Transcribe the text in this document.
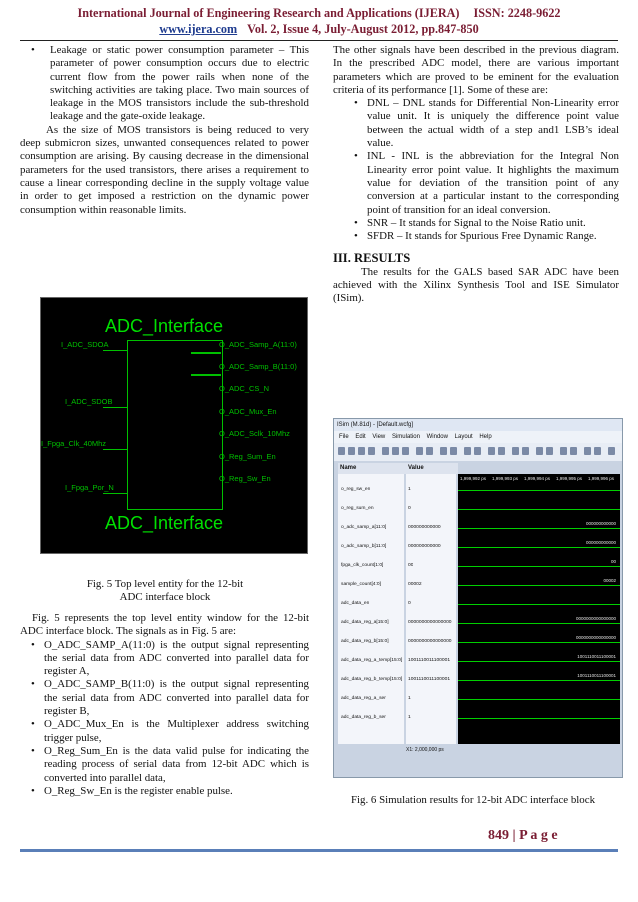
International Journal of Engineering Research and Applications (IJERA) ISSN: 2248-9622
www.ijera.com Vol. 2, Issue 4, July-August 2012, pp.847-850
• Leakage or static power consumption parameter – This parameter of power consumption occurs due to electric current flow from the power rails when none of the switching activities are taking place. Two main sources of leakage in the MOS transistors include the sub-threshold leakage and the gate-oxide leakage.

As the size of MOS transistors is being reduced to very deep submicron sizes, unwanted consequences related to power consumption are arising. By causing decrease in the dimensional parameters for the used transistors, there arises a requirement to cause a linear corresponding decline in the supply voltage value in order to get imposed a restriction on the dynamic power consumption within reasonable limits.

ADC_Interface
I_ADC_SDOA
I_ADC_SDOB
I_Fpga_Clk_40Mhz
I_Fpga_Por_N
O_ADC_Samp_A(11:0)
O_ADC_Samp_B(11:0)
O_ADC_CS_N
O_ADC_Mux_En
O_ADC_Sclk_10Mhz
O_Reg_Sum_En
O_Reg_Sw_En
ADC_Interface
Fig. 5 Top level entity for the 12-bit ADC interface block

Fig. 5 represents the top level entity window for the 12-bit ADC interface block. The signals as in Fig. 5 are:

• O_ADC_SAMP_A(11:0) is the output signal representing the serial data from ADC converted into parallel data for register A,
• O_ADC_SAMP_B(11:0) is the output signal representing the serial data from ADC converted into parallel data for register B,
• O_ADC_Mux_En is the Multiplexer address switching trigger pulse,
• O_Reg_Sum_En is the data valid pulse for indicating the reading process of serial data from 12-bit ADC which is converted into parallel data,
• O_Reg_Sw_En is the register enable pulse.

The other signals have been described in the previous diagram. In the prescribed ADC model, there are various important parameters which are proved to be eminent for the evaluation criteria of its performance [1]. Some of these are:

• DNL – DNL stands for Differential Non-Linearity error value unit. It is uniquely the difference point value between the actual width of a step and1 LSB’s ideal value.
• INL - INL is the abbreviation for the Integral Non Linearity error point value. It highlights the maximum value for deviation of the transition point of any conversion at a particular instant to the corresponding point of transition for an ideal conversion.
• SNR – It stands for Signal to the Noise Ratio unit.
• SFDR – It stands for Spurious Free Dynamic Range.
III. RESULTS

The results for the GALS based SAR ADC have been achieved with the Xilinx Synthesis Tool and ISE Simulator (ISim).

ISim (M.81d) - [Default.wcfg]
File Edit View Simulation Window Layout Help
Name	Value
o_reg_sw_en
o_reg_sum_en
o_adc_samp_a[11:0]
o_adc_samp_b[11:0]
fpga_clk_count[1:0]
sample_count[4:0]
adc_data_en
adc_data_reg_a[15:0]
adc_data_reg_b[15:0]
adc_data_reg_a_temp[15:0]
adc_data_reg_b_temp[15:0]
adc_data_reg_a_ser
adc_data_reg_b_ser
1
0
000000000000
000000000000
00
00002
0
0000000000000000
0000000000000000
1001110011100001
1001110011100001
1
1
1,999,992 ps 1,999,993 ps 1,999,994 ps 1,999,995 ps 1,999,996 ps
000000000000
000000000000
00
00002
0000000000000000
0000000000000000
1001110011100001
1001110011100001
X1: 2,000,000 ps
Fig. 6 Simulation results for 12-bit ADC interface block
849 | P a g e
